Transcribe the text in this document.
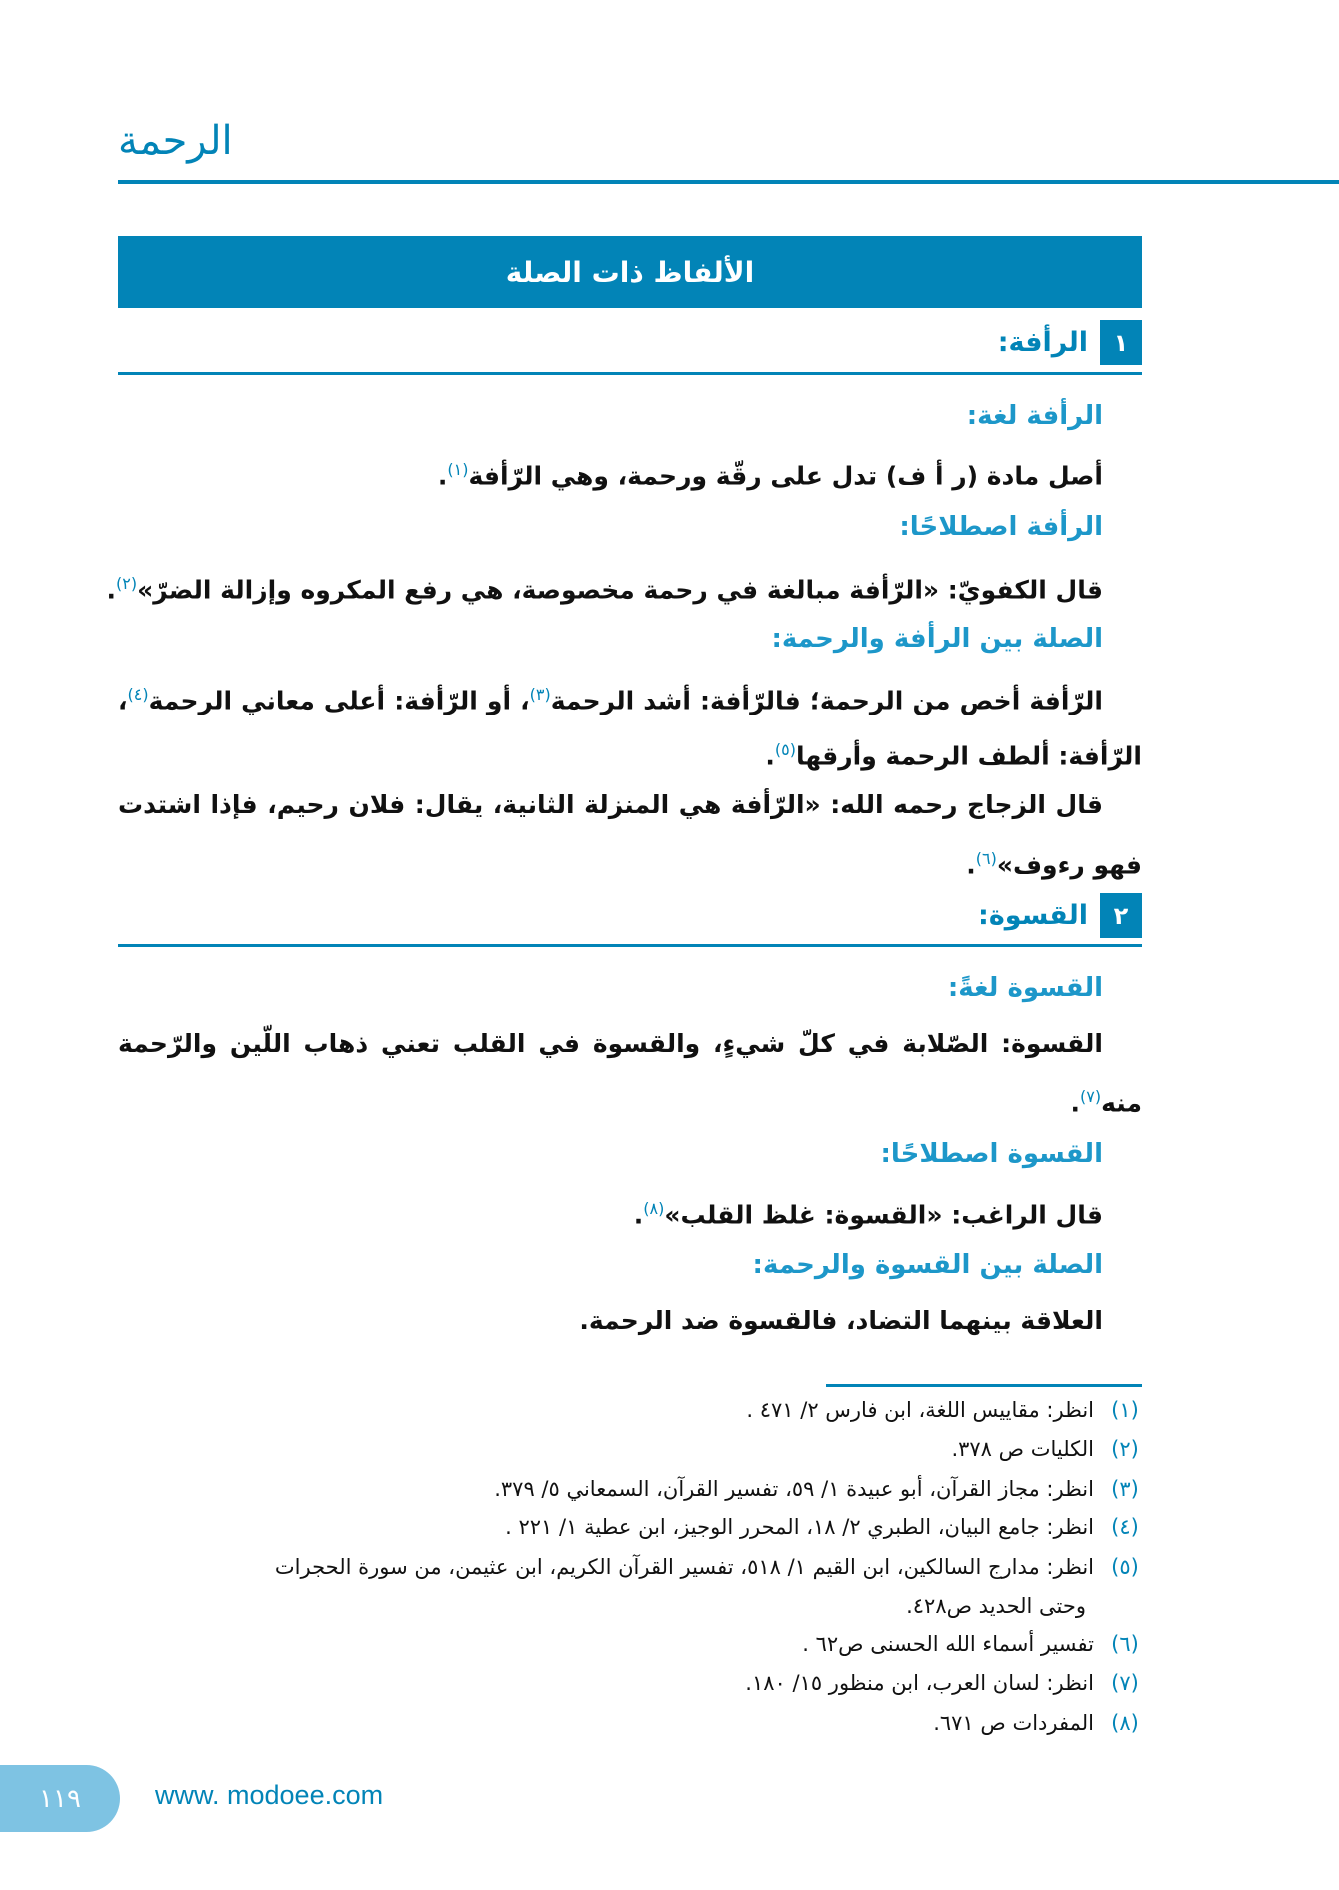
الرحمة
الألفاظ ذات الصلة
١
الرأفة:
الرأفة لغة:
أصل مادة (ر أ ف) تدل على رقّة ورحمة، وهي الرّأفة$^{(١)}$.
الرأفة اصطلاحًا:
قال الكفويّ: «الرّأفة مبالغة في رحمة مخصوصة، هي رفع المكروه وإزالة الضرّ»$^{(٢)}$.
الصلة بين الرأفة والرحمة:
الرّأفة أخص من الرحمة؛ فالرّأفة: أشد الرحمة$^{(٣)}$، أو الرّأفة: أعلى معاني الرحمة$^{(٤)}$،
الرّأفة: ألطف الرحمة وأرقها$^{(٥)}$.
قال الزجاج رحمه الله: «الرّأفة هي المنزلة الثانية، يقال: فلان رحيم، فإذا اشتدت
فهو رءوف»$^{(٦)}$.
٢
القسوة:
القسوة لغةً:
القسوة: الصّلابة في كلّ شيءٍ، والقسوة في القلب تعني ذهاب اللّين والرّحمة
منه$^{(٧)}$.
القسوة اصطلاحًا:
قال الراغب: «القسوة: غلظ القلب»$^{(٨)}$.
الصلة بين القسوة والرحمة:
العلاقة بينهما التضاد، فالقسوة ضد الرحمة.
(١)
انظر: مقاييس اللغة، ابن فارس ٢/ ٤٧١ .
(٢)
الكليات ص ٣٧٨.
(٣)
انظر: مجاز القرآن، أبو عبيدة ١/ ٥٩، تفسير القرآن، السمعاني ٥/ ٣٧٩.
(٤)
انظر: جامع البيان، الطبري ٢/ ١٨، المحرر الوجيز، ابن عطية ١/ ٢٢١ .
(٥)
انظر: مدارج السالكين، ابن القيم ١/ ٥١٨، تفسير القرآن الكريم، ابن عثيمن، من سورة الحجرات
وحتى الحديد ص٤٢٨.
(٦)
تفسير أسماء الله الحسنى ص٦٢ .
(٧)
انظر: لسان العرب، ابن منظور ١٥/ ١٨٠.
(٨)
المفردات ص ٦٧١.
١١٩	www. modoee.com
